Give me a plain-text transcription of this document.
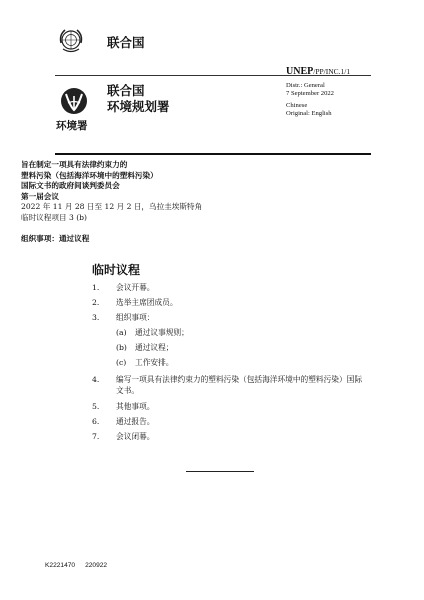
联合国
UNEP/PP/INC.1/1
Distr.: General
7 September 2022
Chinese
Original: English
联合国
环境规划署
环境署
旨在制定一项具有法律约束力的
塑料污染（包括海洋环境中的塑料污染）
国际文书的政府间谈判委员会
第一届会议
2022 年 11 月 28 日至 12 月 2 日，乌拉圭埃斯特角
临时议程项目 3 (b)
组织事项：通过议程
临时议程
1. 会议开幕。
2. 选举主席团成员。
3. 组织事项：
(a) 通过议事规则；
(b) 通过议程；
(c) 工作安排。
4. 编写一项具有法律约束力的塑料污染（包括海洋环境中的塑料污染）国际
文书。
5. 其他事项。
6. 通过报告。
7. 会议闭幕。
K2221470 220922
